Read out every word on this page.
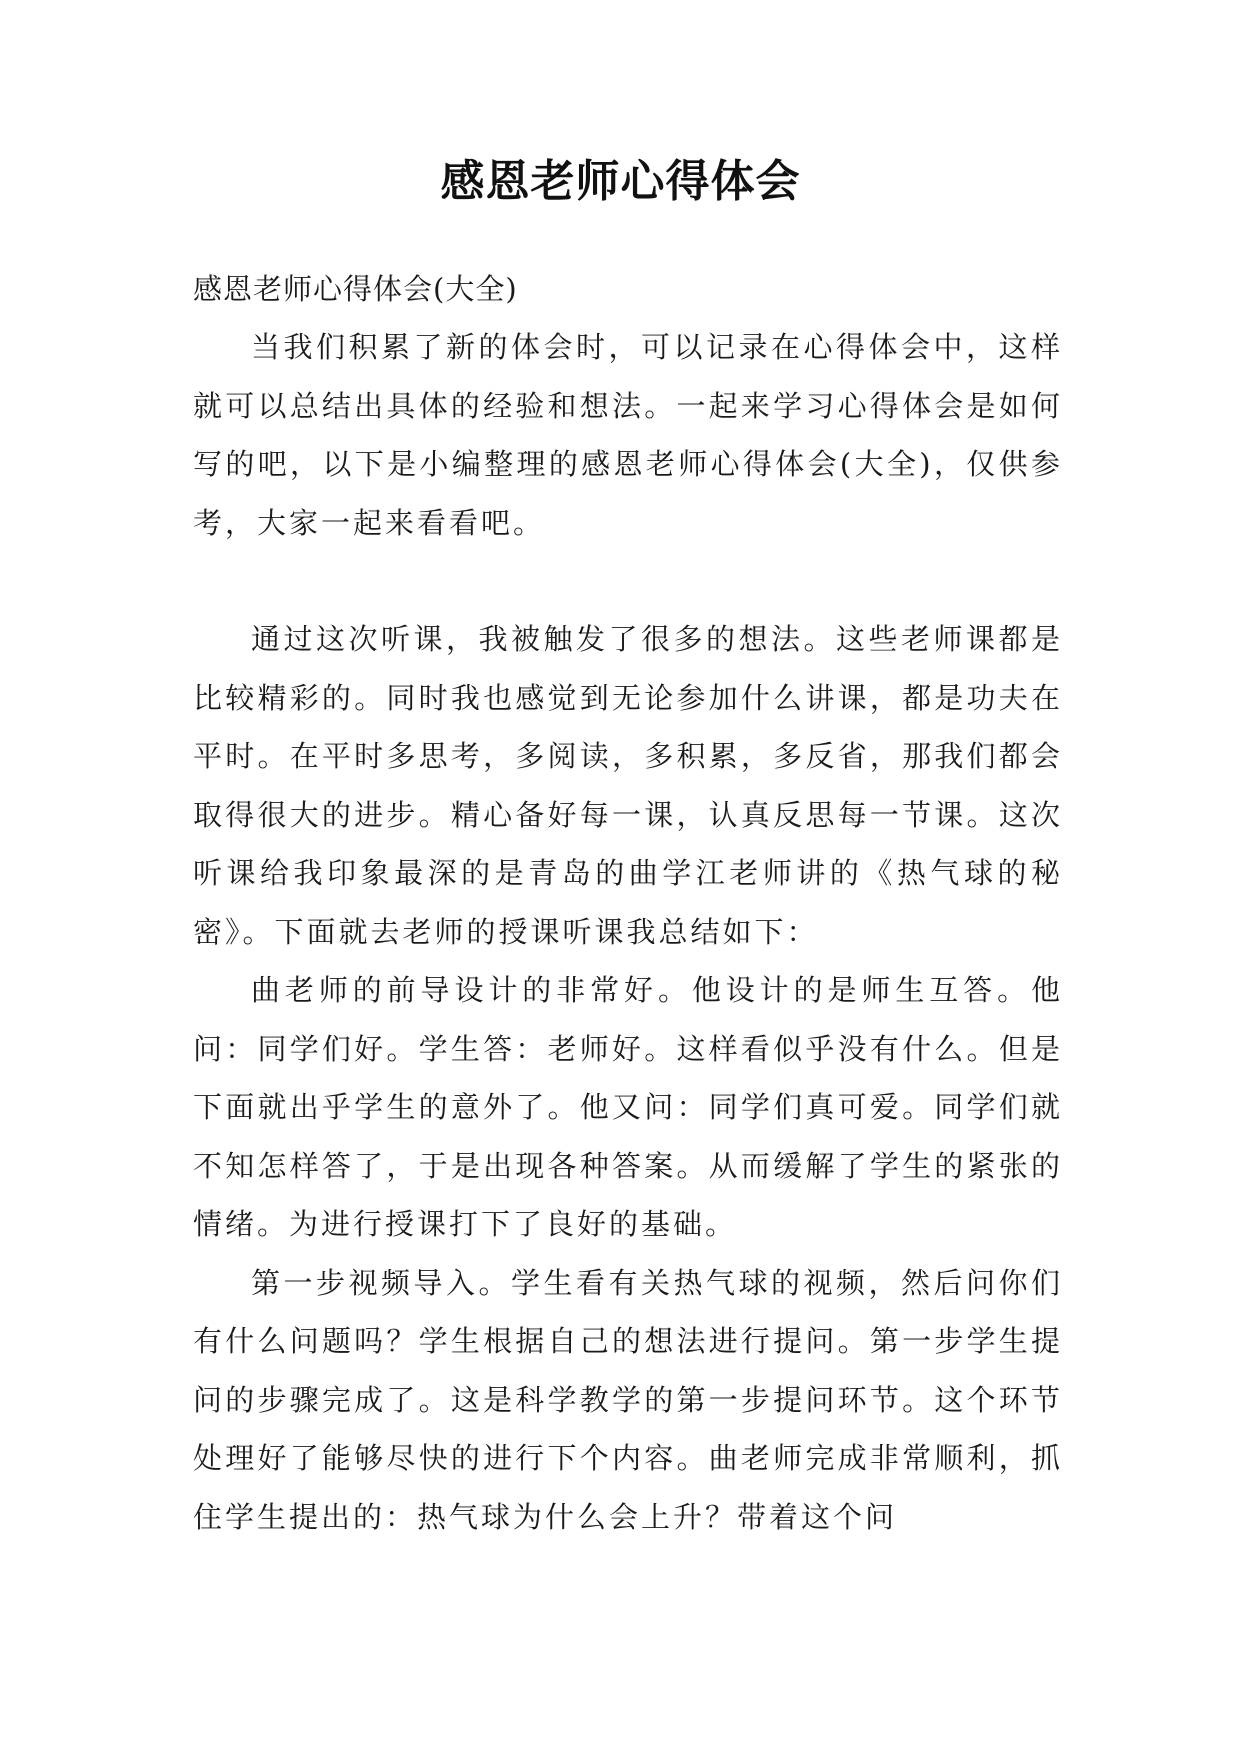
感恩老师心得体会

感恩老师心得体会(大全)

当我们积累了新的体会时，可以记录在心得体会中，这样就可以总结出具体的经验和想法。一起来学习心得体会是如何写的吧，以下是小编整理的感恩老师心得体会(大全)，仅供参考，大家一起来看看吧。

通过这次听课，我被触发了很多的想法。这些老师课都是比较精彩的。同时我也感觉到无论参加什么讲课，都是功夫在平时。在平时多思考，多阅读，多积累，多反省，那我们都会取得很大的进步。精心备好每一课，认真反思每一节课。这次听课给我印象最深的是青岛的曲学江老师讲的《热气球的秘密》。下面就去老师的授课听课我总结如下：

曲老师的前导设计的非常好。他设计的是师生互答。他问：同学们好。学生答：老师好。这样看似乎没有什么。但是下面就出乎学生的意外了。他又问：同学们真可爱。同学们就不知怎样答了，于是出现各种答案。从而缓解了学生的紧张的情绪。为进行授课打下了良好的基础。

第一步视频导入。学生看有关热气球的视频，然后问你们有什么问题吗？学生根据自己的想法进行提问。第一步学生提问的步骤完成了。这是科学教学的第一步提问环节。这个环节处理好了能够尽快的进行下个内容。曲老师完成非常顺利，抓住学生提出的：热气球为什么会上升？带着这个问
